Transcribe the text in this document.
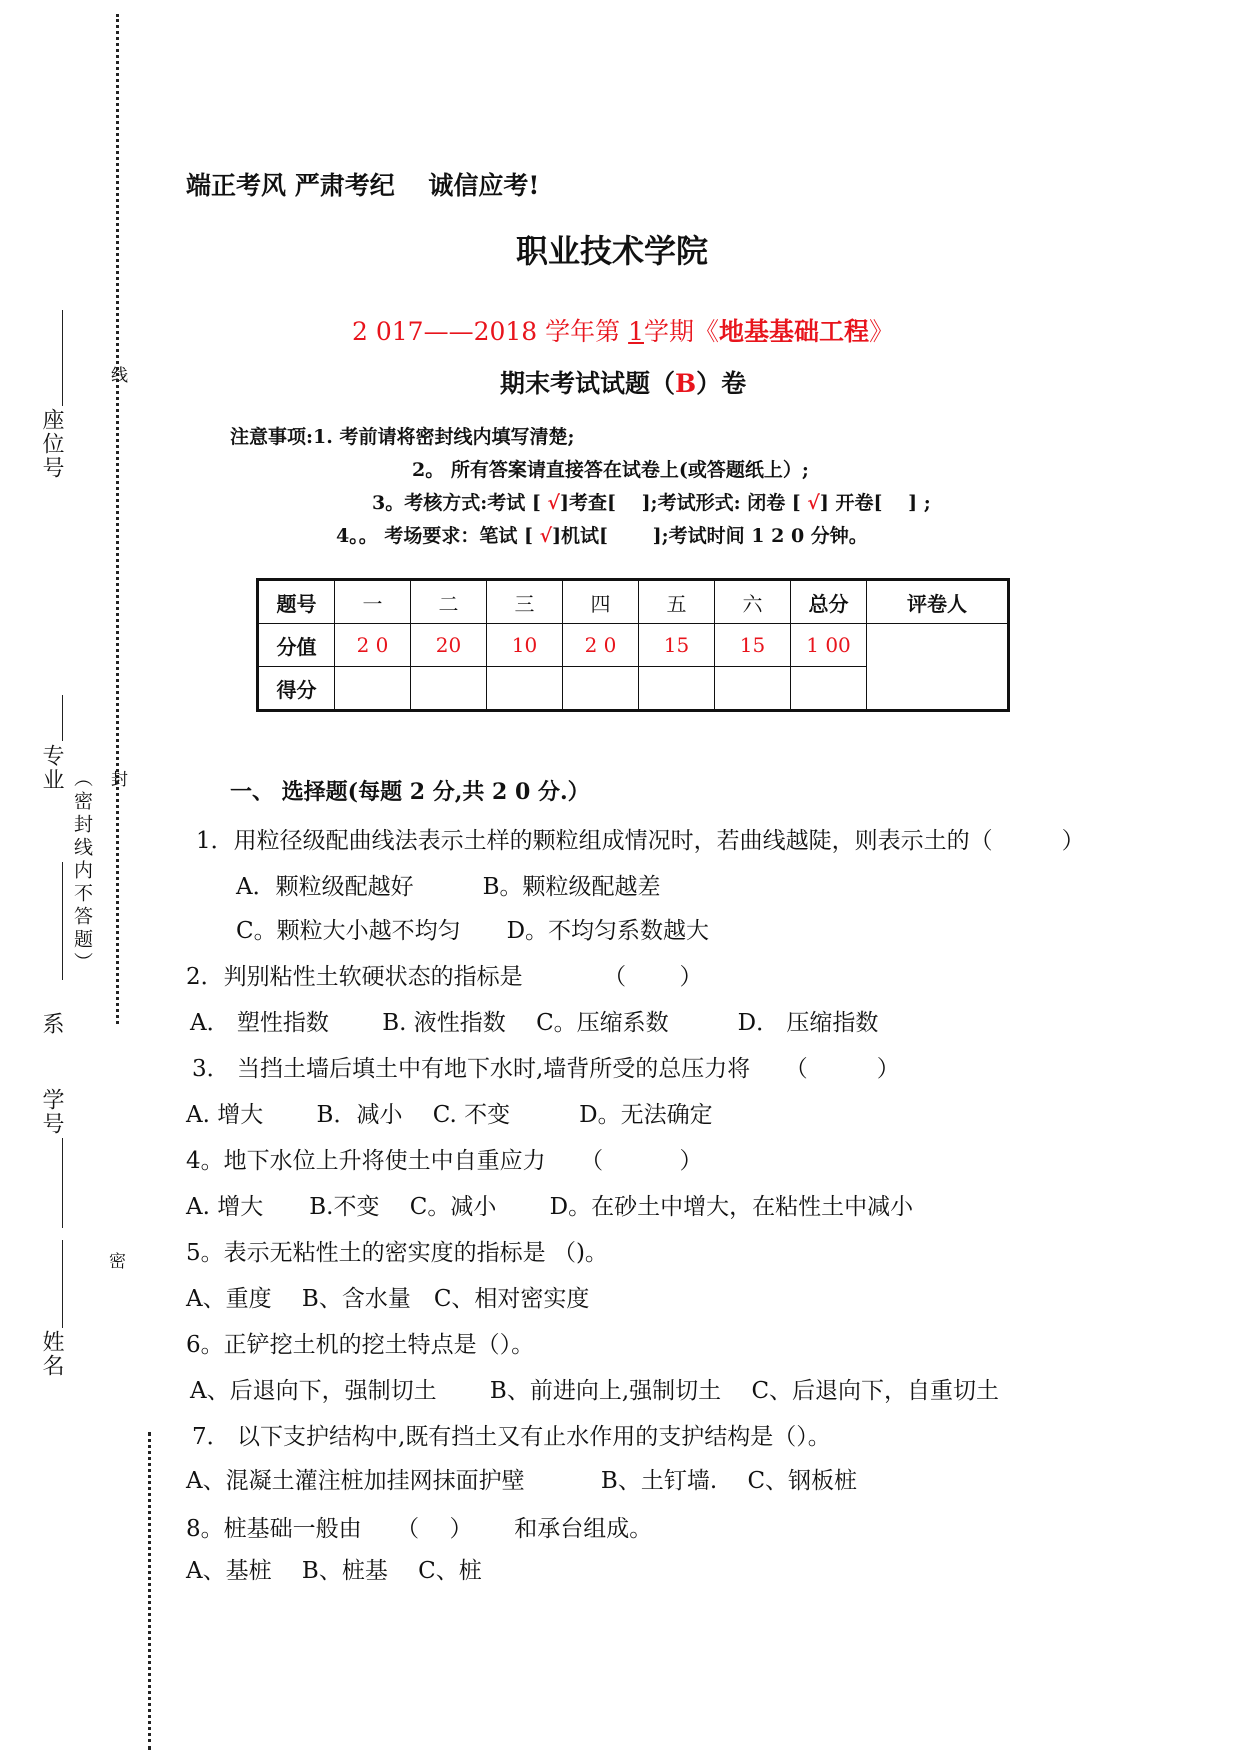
线
封
密
座位号
专业 （密封线内不答题）
系
学号
姓名
端正考风 严肃考纪　 诚信应考!
职业技术学院
2 017——2018 学年第 1学期《地基基础工程》
期末考试试题（B）卷
注意事项:1. 考前请将密封线内填写清楚;
2。 所有答案请直接答在试卷上(或答题纸上）;
3。考核方式:考试 [ √]考查[　 ];考试形式: 闭卷 [ √] 开卷[　 ] ;
4。。 考场要求：笔试 [ √]机试[　　 ];考试时间 1 2 0 分钟。
题号	一	二	三	四	五	六	总分	评卷人
分值	2 0	20	10	2 0	15	15	1 00	
得分								
一、 选择题(每题 2 分,共 2 0 分.）
1．用粒径级配曲线法表示土样的颗粒组成情况时，若曲线越陡，则表示土的（　　　）
A．颗粒级配越好　　　B。颗粒级配越差
C。颗粒大小越不均匀　　D。不均匀系数越大
2．判别粘性土软硬状态的指标是　　　　（　　 ）
A． 塑性指数　　 B. 液性指数　 C。压缩系数　　　D． 压缩指数
3． 当挡土墙后填土中有地下水时,墙背所受的总压力将　　（　　　）
A. 增大　　 B．减小　 C. 不变　　　D。无法确定
4。地下水位上升将使土中自重应力　　（　　　 ）
A. 增大　　B.不变　 C。减小　　 D。在砂土中增大，在粘性土中减小
5。表示无粘性土的密实度的指标是 （)。
A、重度　 B、含水量　C、相对密实度
6。正铲挖土机的挖土特点是（）。
A、后退向下，强制切土　　 B、前进向上,强制切土　 C、后退向下，自重切土
7． 以下支护结构中,既有挡土又有止水作用的支护结构是（）。
A、混凝土灌注桩加挂网抹面护壁　　　 B、土钉墙.　 C、钢板桩
8。桩基础一般由　　（　 ）　　 和承台组成。
A、基桩　 B、桩基　 C、桩
